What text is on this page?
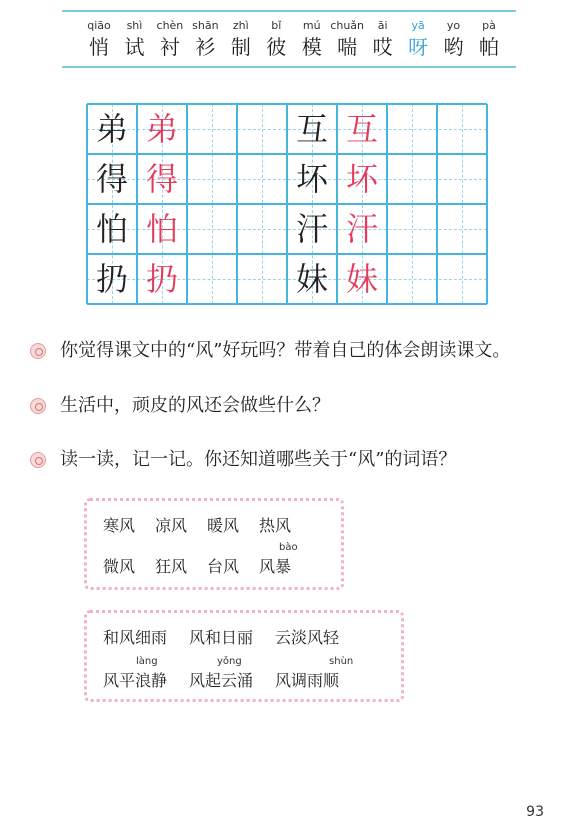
qiāo
悄
shì
试
chèn
衬
shān
衫
zhì
制
bǐ
彼
mú
模
chuǎn
喘
āi
哎
yā
呀
yo
哟
pà
帕
弟 弟	互 互
得 得	坏 坏
怕 怕	汗 汗
扔 扔	妹 妹
你觉得课文中的“风”好玩吗？带着自己的体会朗读课文。
生活中，顽皮的风还会做些什么？
读一读，记一记。你还知道哪些关于“风”的词语？
寒风 凉风 暖风 热风
微风 狂风 台风
bào
风暴
和风细雨 风和日丽 云淡风轻
làng
风平浪静
yǒng
风起云涌
shùn
风调雨顺
93
